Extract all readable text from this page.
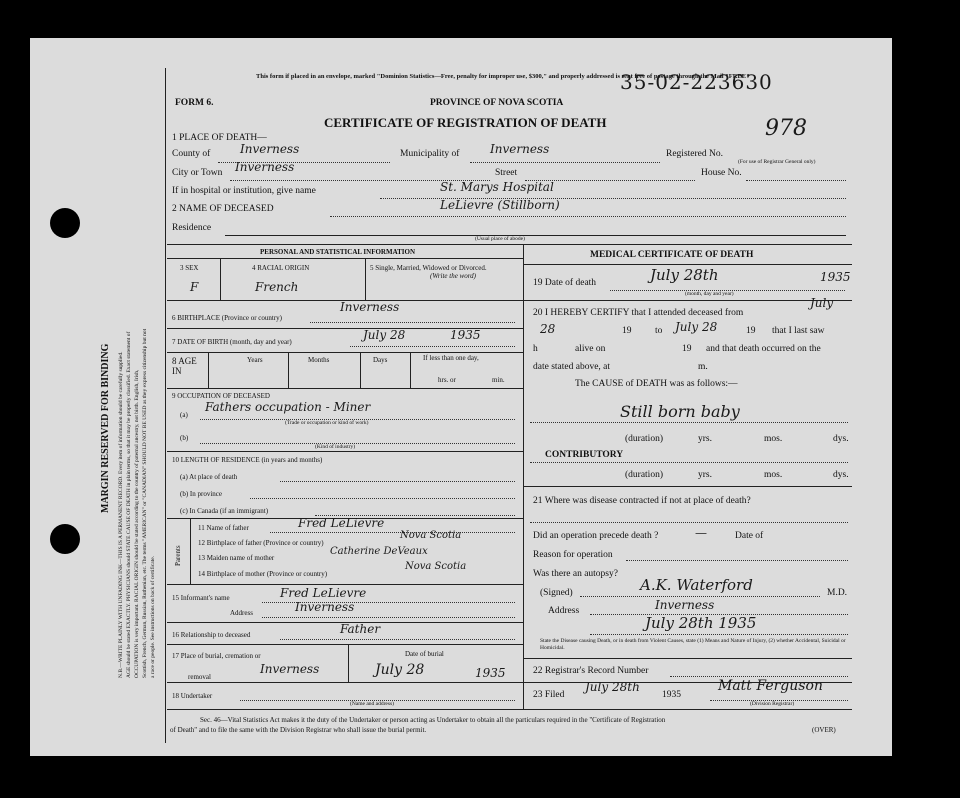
MARGIN RESERVED FOR BINDING N.B.—WRITE PLAINLY WITH UNFADING INK—THIS IS A PERMANENT RECORD. Every item of information should be carefully supplied. AGE should be stated EXACTLY. PHYSICIANS should STATE CAUSE OF DEATH in plain terms, so that it may be properly classified. Exact statement of OCCUPATION is very important. RACIAL ORIGIN should be stated according to the country of paternal ancestry, not birth. English, Irish, Scottish, French, German, Russian, Ruthenian, etc. The terms "AMERICAN" or "CANADIAN" SHOULD NOT BE USED as they express citizenship but not a race or people. See instructions on back of certificate.
This form if placed in an envelope, marked "Dominion Statistics—Free, penalty for improper use, $300," and properly addressed is sent free of postage through the Mail "FREE"
35-02-223630
FORM 6.	PROVINCE OF NOVA SCOTIA
CERTIFICATE OF REGISTRATION OF DEATH	978
1 PLACE OF DEATH—
County of Inverness	Municipality of	Inverness	Registered No.
(For use of Registrar General only)
City or Town Inverness	Street	House No.
If in hospital or institution, give name	St. Marys Hospital
2 NAME OF DECEASED	LeLievre (Stillborn)
Residence
(Usual place of abode)
PERSONAL AND STATISTICAL INFORMATION
3 SEX
F
4 RACIAL ORIGIN
French
5 Single, Married, Widowed or Divorced.
(Write the word)
6 BIRTHPLACE (Province or country)
Inverness
7 DATE OF BIRTH (month, day and year)	July 28	1935
8 AGE IN
Years	Months	Days	If less than one day,
hrs. or	min.
9 OCCUPATION OF DECEASED
(a)
Fathers occupation - Miner
(Trade or occupation or kind of work)
(b)
(Kind of industry)
10 LENGTH OF RESIDENCE (in years and months)
(a) At place of death
(b) In province
(c) In Canada (if an immigrant)
Parents
11 Name of father	Fred LeLievre
12 Birthplace of father (Province or country)
Nova Scotia
13 Maiden name of mother
Catherine DeVeaux
14 Birthplace of mother (Province or country)
Nova Scotia
15 Informant's name	Fred LeLievre
Address	Inverness
16 Relationship to deceased	Father
17 Place of burial, cremation or
removal
Inverness
Date of burial
July 28	1935
18 Undertaker
(Name and address)
MEDICAL CERTIFICATE OF DEATH
19 Date of death	July 28th	1935
(month, day and year)
20 I HEREBY CERTIFY that I attended deceased from
July
28	19 to July 28	19 that I last saw
h	alive on	19 and that death occurred on the
date stated above, at	m.
The CAUSE of DEATH was as follows:—
Still born baby
(duration)	yrs.	mos.	dys.
CONTRIBUTORY
(duration)	yrs.	mos.	dys.
21 Where was disease contracted if not at place of death?
Did an operation precede death ?	—	Date of
Reason for operation
Was there an autopsy?
(Signed)	A.K. Waterford	M.D.
Address	Inverness
July 28th 1935
State the Disease causing Death, or in death from Violent Causes, state (1) Means and Nature of Injury, (2) whether Accidental, Suicidal or Homicidal.
22 Registrar's Record Number
23 Filed
July 28th
1935
Matt Ferguson
(Division Registrar)
Sec. 46—Vital Statistics Act makes it the duty of the Undertaker or person acting as Undertaker to obtain all the particulars required in the "Certificate of Registration
of Death" and to file the same with the Division Registrar who shall issue the burial permit.	(OVER)
